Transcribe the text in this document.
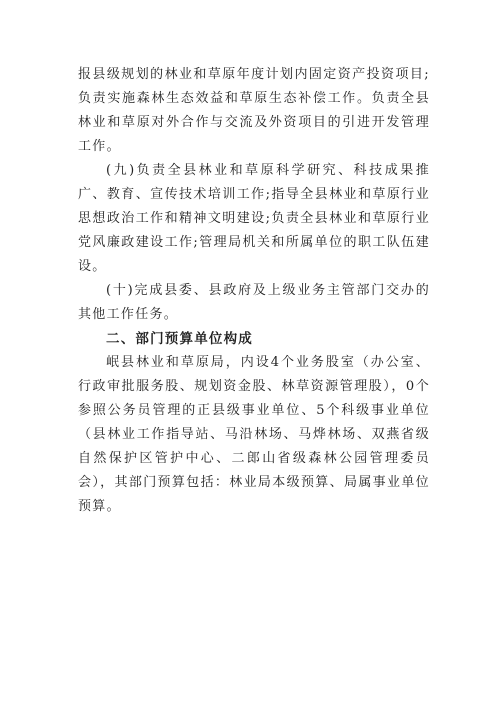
报县级规划的林业和草原年度计划内固定资产投资项目;负责实施森林生态效益和草原生态补偿工作。负责全县林业和草原对外合作与交流及外资项目的引进开发管理工作。

(九)负责全县林业和草原科学研究、科技成果推广、教育、宣传技术培训工作;指导全县林业和草原行业思想政治工作和精神文明建设;负责全县林业和草原行业党风廉政建设工作;管理局机关和所属单位的职工队伍建设。

(十)完成县委、县政府及上级业务主管部门交办的其他工作任务。

二、部门预算单位构成

岷县林业和草原局，内设4个业务股室（办公室、行政审批服务股、规划资金股、林草资源管理股），0个参照公务员管理的正县级事业单位、5个科级事业单位（县林业工作指导站、马沿林场、马烨林场、双燕省级自然保护区管护中心、二郎山省级森林公园管理委员会），其部门预算包括：林业局本级预算、局属事业单位预算。
